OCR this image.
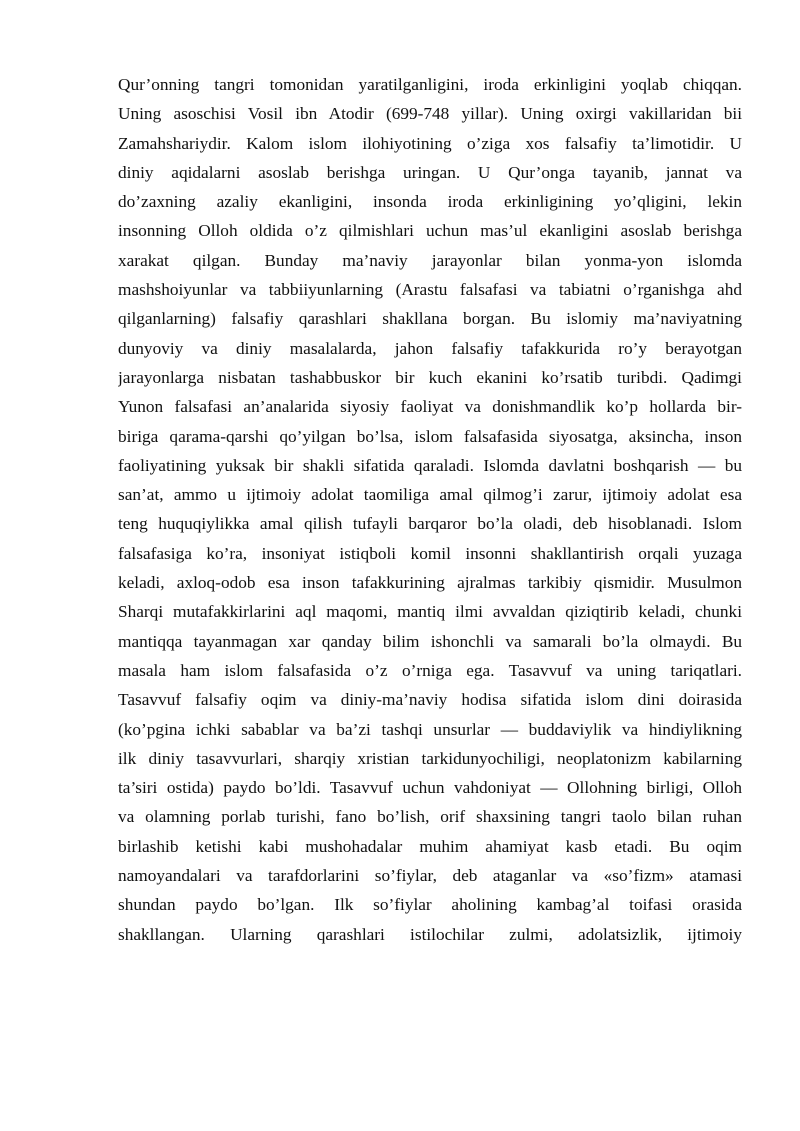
Qur’onning tangri tomonidan yaratilganligini, iroda erkinligini yoqlab chiqqan.
Uning asoschisi Vosil ibn Atodir (699-748 yillar). Uning oxirgi vakillaridan bii
Zamahshariydir. Kalom islom ilohiyotining o’ziga xos falsafiy ta’limotidir. U
diniy aqidalarni asoslab berishga uringan. U Qur’onga tayanib, jannat va
do’zaxning azaliy ekanligini, insonda iroda erkinligining yo’qligini, lekin
insonning Olloh oldida o’z qilmishlari uchun mas’ul ekanligini asoslab berishga
xarakat qilgan. Bunday ma’naviy jarayonlar bilan yonma-yon islomda
mashshoiyunlar va tabbiiyunlarning (Arastu falsafasi va tabiatni o’rganishga ahd
qilganlarning) falsafiy qarashlari shakllana borgan. Bu islomiy ma’naviyatning
dunyoviy va diniy masalalarda, jahon falsafiy tafakkurida ro’y berayotgan
jarayonlarga nisbatan tashabbuskor bir kuch ekanini ko’rsatib turibdi. Qadimgi
Yunon falsafasi an’analarida siyosiy faoliyat va donishmandlik ko’p hollarda bir-
biriga qarama-qarshi qo’yilgan bo’lsa, islom falsafasida siyosatga, aksincha, inson
faoliyatining yuksak bir shakli sifatida qaraladi. Islomda davlatni boshqarish — bu
san’at, ammo u ijtimoiy adolat taomiliga amal qilmog’i zarur, ijtimoiy adolat esa
teng huquqiylikka amal qilish tufayli barqaror bo’la oladi, deb hisoblanadi. Islom
falsafasiga ko’ra, insoniyat istiqboli komil insonni shakllantirish orqali yuzaga
keladi, axloq-odob esa inson tafakkurining ajralmas tarkibiy qismidir. Musulmon
Sharqi mutafakkirlarini aql maqomi, mantiq ilmi avvaldan qiziqtirib keladi, chunki
mantiqqa tayanmagan xar qanday bilim ishonchli va samarali bo’la olmaydi. Bu
masala ham islom falsafasida o’z o’rniga ega. Tasavvuf va uning tariqatlari.
Tasavvuf falsafiy oqim va diniy-ma’naviy hodisa sifatida islom dini doirasida
(ko’pgina ichki sabablar va ba’zi tashqi unsurlar — buddaviylik va hindiylikning
ilk diniy tasavvurlari, sharqiy xristian tarkidunyochiligi, neoplatonizm kabilarning
ta’siri ostida) paydo bo’ldi. Tasavvuf uchun vahdoniyat — Ollohning birligi, Olloh
va olamning porlab turishi, fano bo’lish, orif shaxsining tangri taolo bilan ruhan
birlashib ketishi kabi mushohadalar muhim ahamiyat kasb etadi. Bu oqim
namoyandalari va tarafdorlarini so’fiylar, deb ataganlar va «so’fizm» atamasi
shundan paydo bo’lgan. Ilk so’fiylar aholining kambag’al toifasi orasida
shakllangan. Ularning qarashlari istilochilar zulmi, adolatsizlik, ijtimoiy
